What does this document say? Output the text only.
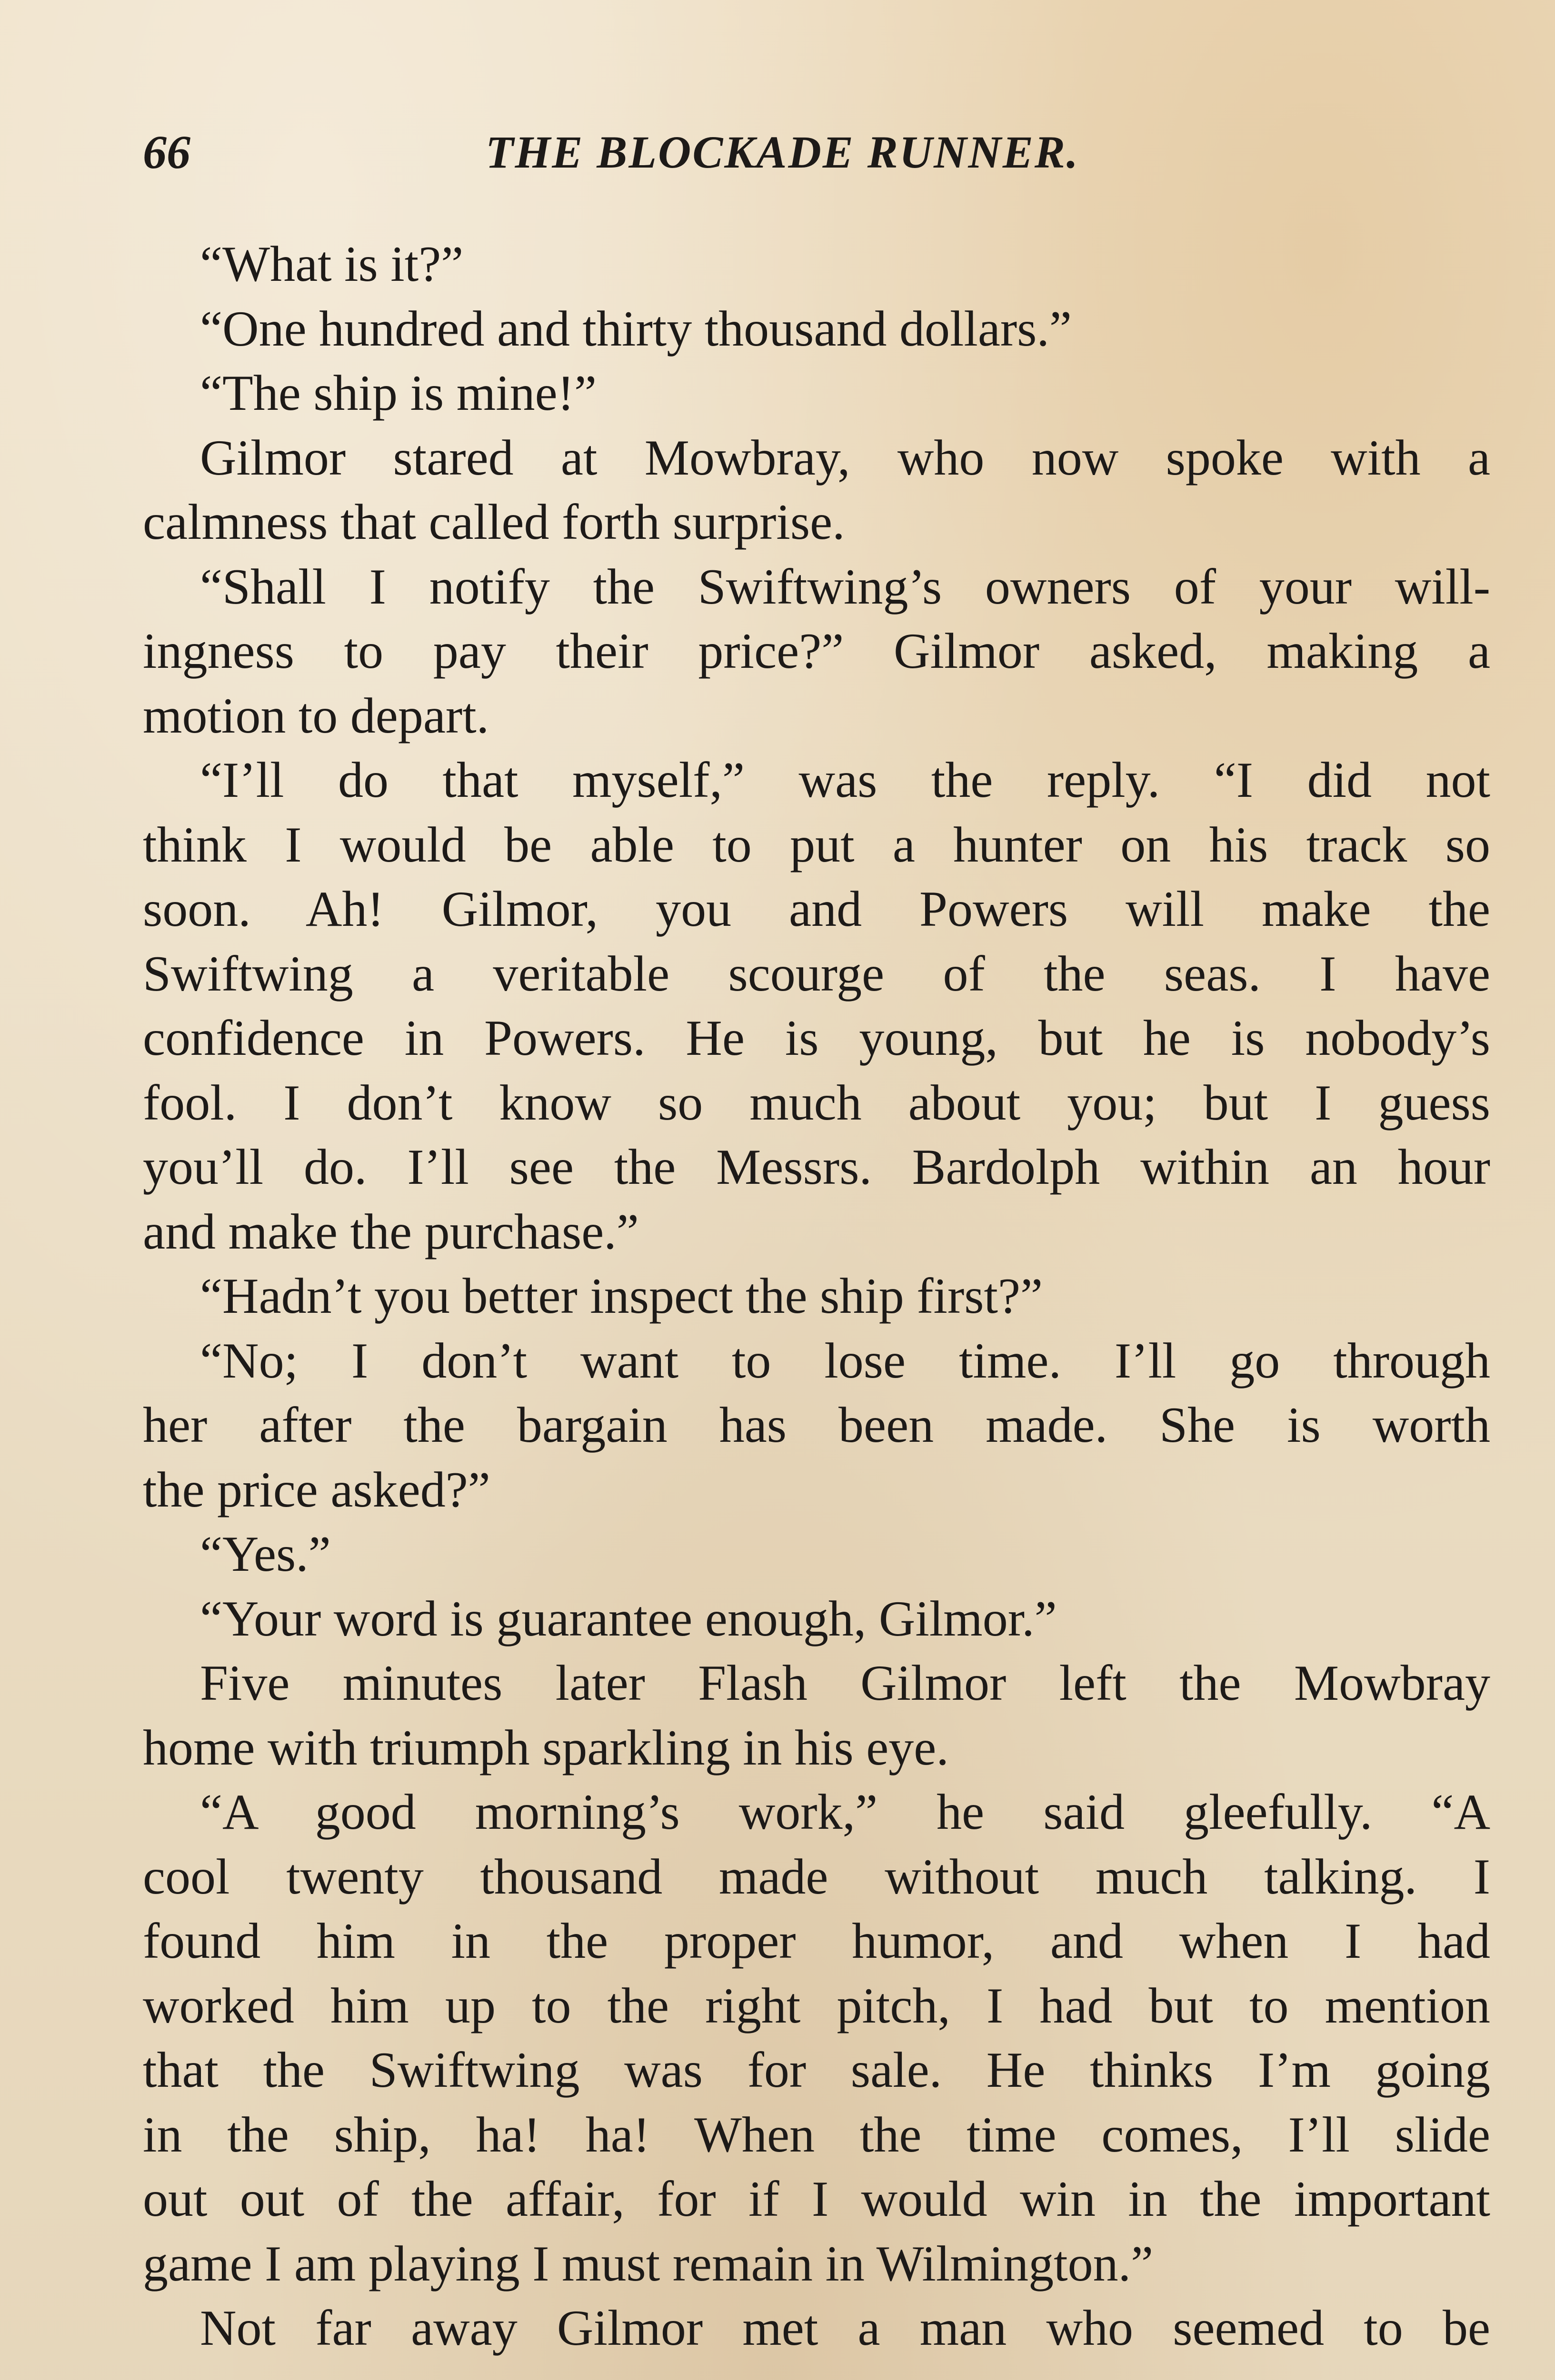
66	THE BLOCKADE RUNNER.
“What is it?”
“One hundred and thirty thousand dollars.”
“The ship is mine!”
Gilmor stared at Mowbray, who now spoke with a
calmness that called forth surprise.
“Shall I notify the Swiftwing’s owners of your will-
ingness to pay their price?” Gilmor asked, making a
motion to depart.
“I’ll do that myself,” was the reply. “I did not
think I would be able to put a hunter on his track so
soon. Ah! Gilmor, you and Powers will make the
Swiftwing a veritable scourge of the seas. I have
confidence in Powers. He is young, but he is nobody’s
fool. I don’t know so much about you; but I guess
you’ll do. I’ll see the Messrs. Bardolph within an hour
and make the purchase.”
“Hadn’t you better inspect the ship first?”
“No; I don’t want to lose time. I’ll go through
her after the bargain has been made. She is worth
the price asked?”
“Yes.”
“Your word is guarantee enough, Gilmor.”
Five minutes later Flash Gilmor left the Mowbray
home with triumph sparkling in his eye.
“A good morning’s work,” he said gleefully. “A
cool twenty thousand made without much talking. I
found him in the proper humor, and when I had
worked him up to the right pitch, I had but to mention
that the Swiftwing was for sale. He thinks I’m going
in the ship, ha! ha! When the time comes, I’ll slide
out out of the affair, for if I would win in the important
game I am playing I must remain in Wilmington.”
Not far away Gilmor met a man who seemed to be
